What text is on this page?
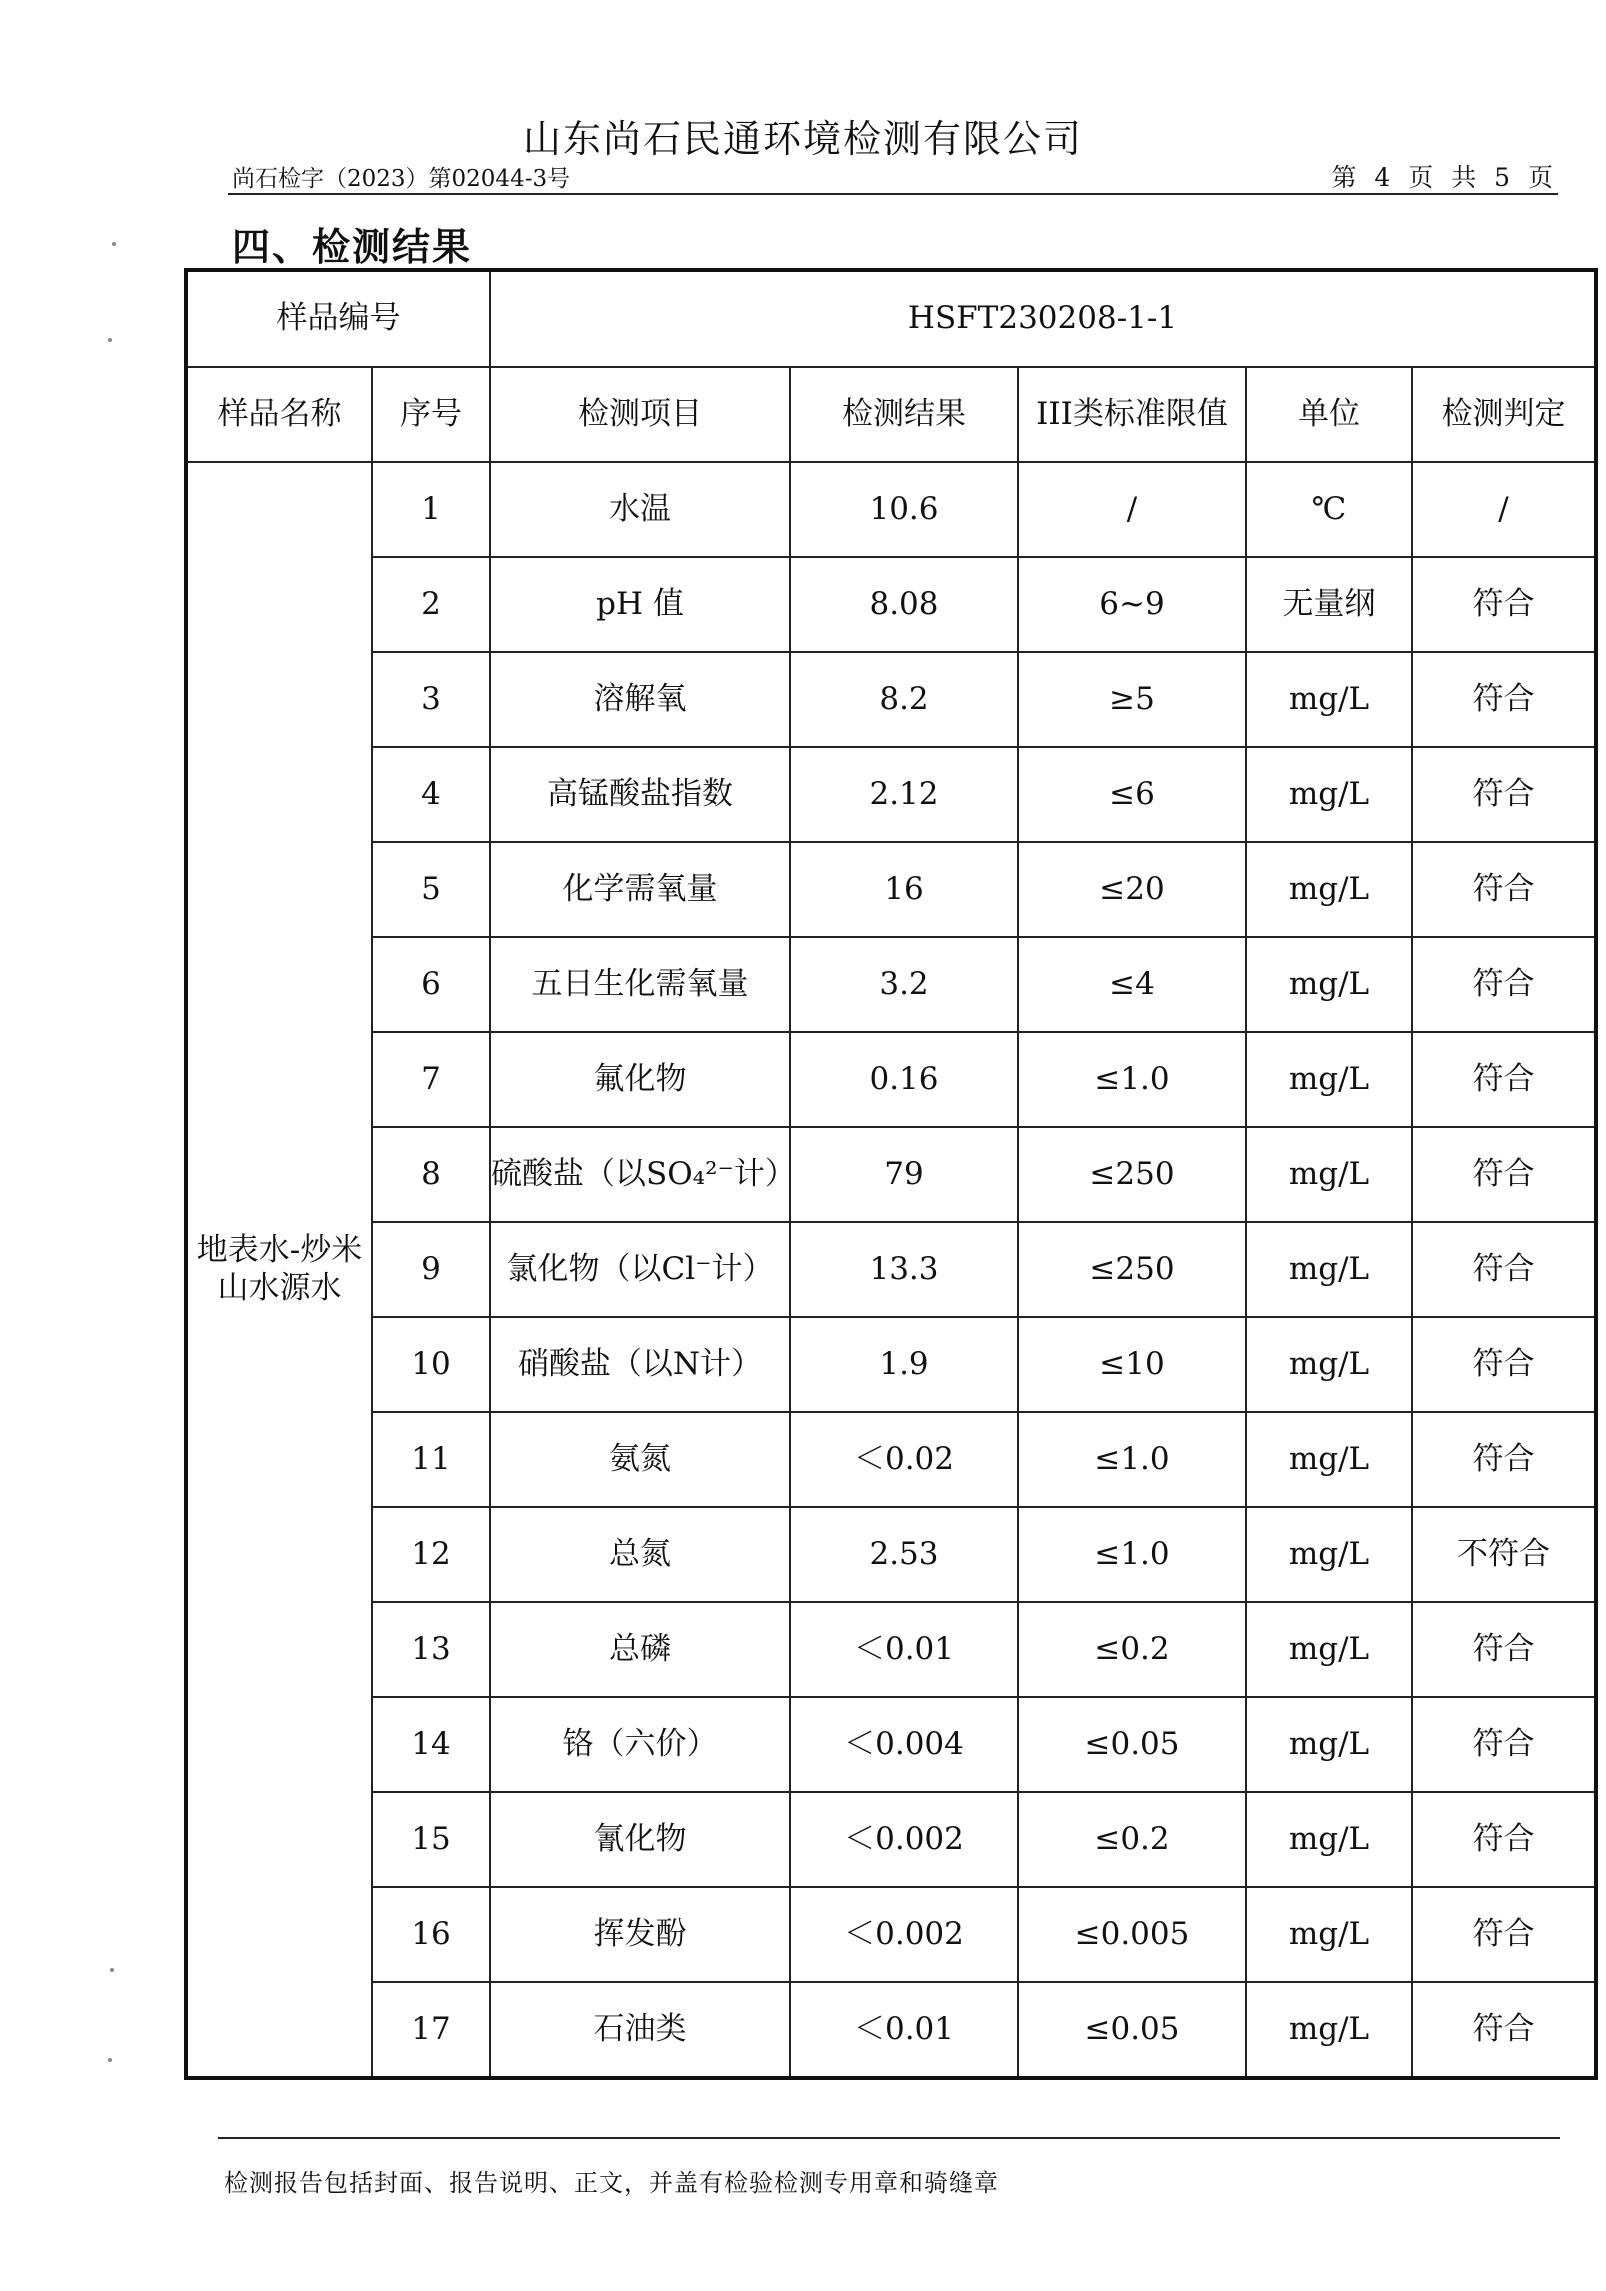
山东尚石民通环境检测有限公司
尚石检字（2023）第02044-3号	第 4 页 共 5 页
四、检测结果
样品编号		HSFT230208-1-1				
样品名称	序号	检测项目	检测结果	III类标准限值	单位	检测判定
地表水-炒米山水源水	1	水温	10.6	/	℃	/
	2	pH 值	8.08	6~9	无量纲	符合
	3	溶解氧	8.2	≥5	mg/L	符合
	4	高锰酸盐指数	2.12	≤6	mg/L	符合
	5	化学需氧量	16	≤20	mg/L	符合
	6	五日生化需氧量	3.2	≤4	mg/L	符合
	7	氟化物	0.16	≤1.0	mg/L	符合
	8	硫酸盐（以SO₄²⁻计）	79	≤250	mg/L	符合
	9	氯化物（以Cl⁻计）	13.3	≤250	mg/L	符合
	10	硝酸盐（以N计）	1.9	≤10	mg/L	符合
	11	氨氮	＜0.02	≤1.0	mg/L	符合
	12	总氮	2.53	≤1.0	mg/L	不符合
	13	总磷	＜0.01	≤0.2	mg/L	符合
	14	铬（六价）	＜0.004	≤0.05	mg/L	符合
	15	氰化物	＜0.002	≤0.2	mg/L	符合
	16	挥发酚	＜0.002	≤0.005	mg/L	符合
	17	石油类	＜0.01	≤0.05	mg/L	符合
检测报告包括封面、报告说明、正文，并盖有检验检测专用章和骑缝章
